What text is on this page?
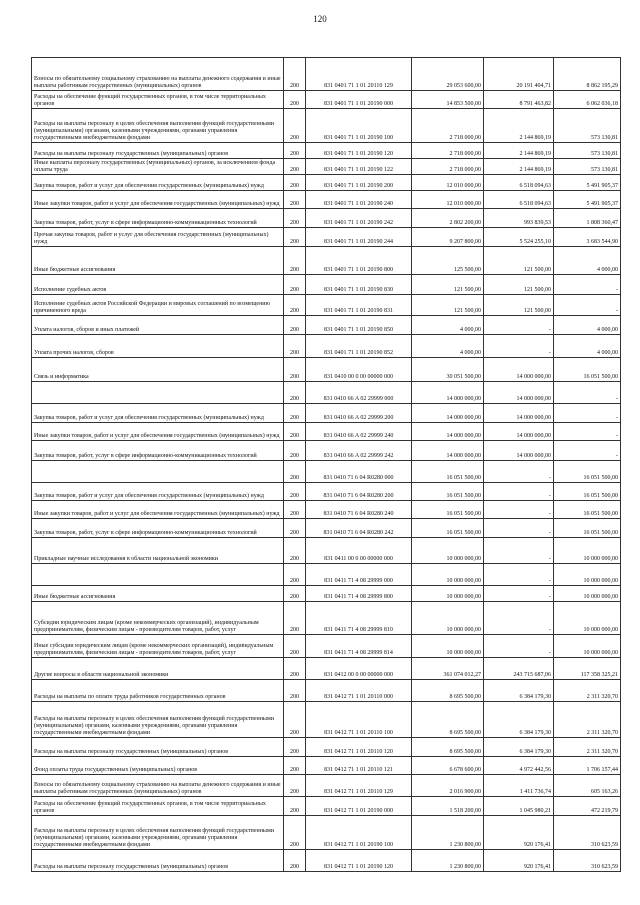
120
Взносы по обязательному социальному страхованию на выплаты денежного содержания и иные выплаты работникам государственных (муниципальных) органов	200	831 0401 71 1 01 20110 129	29 053 600,00	20 191 404,71	8 862 195,29
Расходы на обеспечение функций государственных органов, в том числе территориальных органов	200	831 0401 71 1 01 20190 000	14 853 500,00	8 791 463,82	6 062 036,18
Расходы на выплаты персоналу в целях обеспечения выполнения функций государственными (муниципальными) органами, казенными учреждениями, органами управления государственными внебюджетными фондами	200	831 0401 71 1 01 20190 100	2 718 000,00	2 144 869,19	573 130,81
Расходы на выплаты персоналу государственных (муниципальных) органов	200	831 0401 71 1 01 20190 120	2 718 000,00	2 144 869,19	573 130,81
Иные выплаты персоналу государственных (муниципальных) органов, за исключением фонда оплаты труда	200	831 0401 71 1 01 20190 122	2 718 000,00	2 144 869,19	573 130,81
Закупка товаров, работ и услуг для обеспечения государственных (муниципальных) нужд	200	831 0401 71 1 01 20190 200	12 010 000,00	6 518 094,63	5 491 905,37
Иные закупки товаров, работ и услуг для обеспечения государственных (муниципальных) нужд	200	831 0401 71 1 01 20190 240	12 010 000,00	6 518 094,63	5 491 905,37
Закупка товаров, работ, услуг в сфере информационно-коммуникационных технологий	200	831 0401 71 1 01 20190 242	2 802 200,00	993 839,53	1 808 360,47
Прочая закупка товаров, работ и услуг для обеспечения государственных (муниципальных) нужд	200	831 0401 71 1 01 20190 244	9 207 800,00	5 524 255,10	3 683 544,90
Иные бюджетные ассигнования	200	831 0401 71 1 01 20190 800	125 500,00	121 500,00	4 000,00
Исполнение судебных актов	200	831 0401 71 1 01 20190 830	121 500,00	121 500,00	-
Исполнение судебных актов Российской Федерации и мировых соглашений по возмещению причиненного вреда	200	831 0401 71 1 01 20190 831	121 500,00	121 500,00	-
Уплата налогов, сборов и иных платежей	200	831 0401 71 1 01 20190 850	4 000,00	-	4 000,00
Уплата прочих налогов, сборов	200	831 0401 71 1 01 20190 852	4 000,00	-	4 000,00
Связь и информатика	200	831 0410 00 0 00 00000 000	30 051 500,00	14 000 000,00	16 051 500,00
	200	831 0410 66 A 02 29999 000	14 000 000,00	14 000 000,00	-
Закупка товаров, работ и услуг для обеспечения государственных (муниципальных) нужд	200	831 0410 66 A 02 29999 200	14 000 000,00	14 000 000,00	-
Иные закупки товаров, работ и услуг для обеспечения государственных (муниципальных) нужд	200	831 0410 66 A 02 29999 240	14 000 000,00	14 000 000,00	-
Закупка товаров, работ, услуг в сфере информационно-коммуникационных технологий	200	831 0410 66 A 02 29999 242	14 000 000,00	14 000 000,00	-
	200	831 0410 71 6 04 R0280 000	16 051 500,00	-	16 051 500,00
Закупка товаров, работ и услуг для обеспечения государственных (муниципальных) нужд	200	831 0410 71 6 04 R0280 200	16 051 500,00	-	16 051 500,00
Иные закупки товаров, работ и услуг для обеспечения государственных (муниципальных) нужд	200	831 0410 71 6 04 R0280 240	16 051 500,00	-	16 051 500,00
Закупка товаров, работ, услуг в сфере информационно-коммуникационных технологий	200	831 0410 71 6 04 R0280 242	16 051 500,00	-	16 051 500,00
Прикладные научные исследования в области национальной экономики	200	831 0411 00 0 00 00000 000	10 000 000,00	-	10 000 000,00
	200	831 0411 71 4 08 29999 000	10 000 000,00	-	10 000 000,00
Иные бюджетные ассигнования	200	831 0411 71 4 08 29999 800	10 000 000,00	-	10 000 000,00
Субсидии юридическим лицам (кроме некоммерческих организаций), индивидуальным предпринимателям, физическим лицам - производителям товаров, работ, услуг	200	831 0411 71 4 08 29999 810	10 000 000,00	-	10 000 000,00
Иные субсидии юридическим лицам (кроме некоммерческих организаций), индивидуальным предпринимателям, физическим лицам - производителям товаров, работ, услуг	200	831 0411 71 4 08 29999 814	10 000 000,00	-	10 000 000,00
Другие вопросы в области национальной экономики	200	831 0412 00 0 00 00000 000	361 074 012,27	243 715 687,06	117 358 325,21
Расходы на выплаты по оплате труда работников государственных органов	200	831 0412 71 1 01 20110 000	8 695 500,00	6 384 179,30	2 311 320,70
Расходы на выплаты персоналу в целях обеспечения выполнения функций государственными (муниципальными) органами, казенными учреждениями, органами управления государственными внебюджетными фондами	200	831 0412 71 1 01 20110 100	8 695 500,00	6 384 179,30	2 311 320,70
Расходы на выплаты персоналу государственных (муниципальных) органов	200	831 0412 71 1 01 20110 120	8 695 500,00	6 384 179,30	2 311 320,70
Фонд оплаты труда государственных (муниципальных) органов	200	831 0412 71 1 01 20110 121	6 678 600,00	4 972 442,56	1 706 157,44
Взносы по обязательному социальному страхованию на выплаты денежного содержания и иные выплаты работникам государственных (муниципальных) органов	200	831 0412 71 1 01 20110 129	2 016 900,00	1 411 736,74	605 163,26
Расходы на обеспечение функций государственных органов, в том числе территориальных органов	200	831 0412 71 1 01 20190 000	1 518 200,00	1 045 980,21	472 219,79
Расходы на выплаты персоналу в целях обеспечения выполнения функций государственными (муниципальными) органами, казенными учреждениями, органами управления государственными внебюджетными фондами	200	831 0412 71 1 01 20190 100	1 230 800,00	920 176,41	310 623,59
Расходы на выплаты персоналу государственных (муниципальных) органов	200	831 0412 71 1 01 20190 120	1 230 800,00	920 176,41	310 623,59
